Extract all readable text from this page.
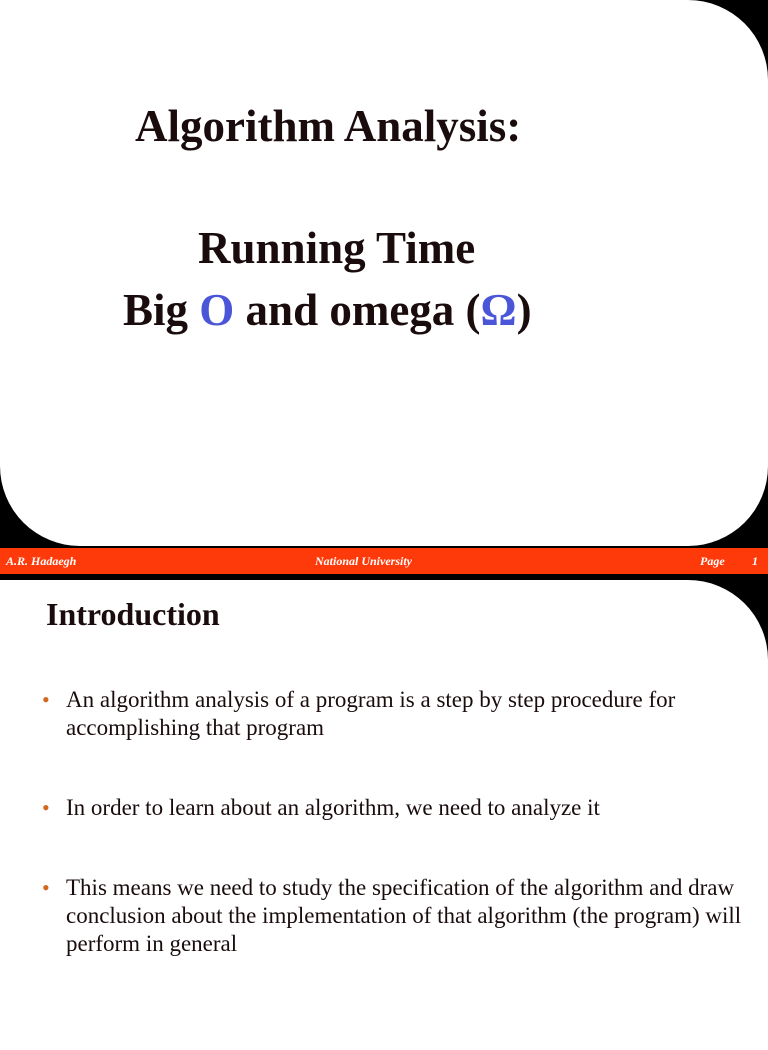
Algorithm Analysis:
Running Time
Big O and omega (Ω)
A.R. Hadaegh	National University	Page 1
Introduction
• An algorithm analysis of a program is a step by step procedure for accomplishing that program
• In order to learn about an algorithm, we need to analyze it
• This means we need to study the specification of the algorithm and draw conclusion about the implementation of that algorithm (the program) will perform in general
